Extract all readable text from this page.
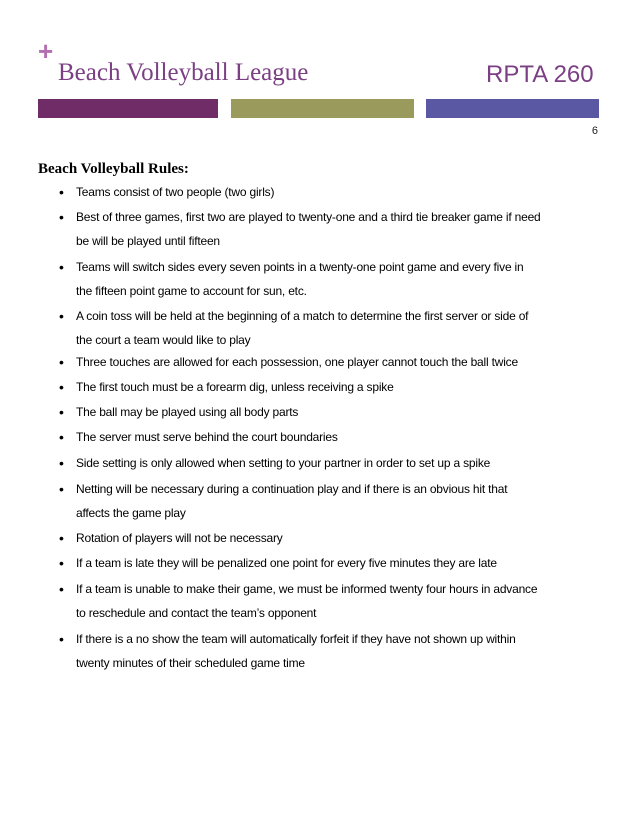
+
Beach Volleyball League	RPTA 260
6
Beach Volleyball Rules:
• Teams consist of two people (two girls)
• Best of three games, first two are played to twenty-one and a third tie breaker game if need
be will be played until fifteen
• Teams will switch sides every seven points in a twenty-one point game and every five in
the fifteen point game to account for sun, etc.
• A coin toss will be held at the beginning of a match to determine the first server or side of
the court a team would like to play
• Three touches are allowed for each possession, one player cannot touch the ball twice
• The first touch must be a forearm dig, unless receiving a spike
• The ball may be played using all body parts
• The server must serve behind the court boundaries
• Side setting is only allowed when setting to your partner in order to set up a spike
• Netting will be necessary during a continuation play and if there is an obvious hit that
affects the game play
• Rotation of players will not be necessary
• If a team is late they will be penalized one point for every five minutes they are late
• If a team is unable to make their game, we must be informed twenty four hours in advance
to reschedule and contact the team’s opponent
• If there is a no show the team will automatically forfeit if they have not shown up within
twenty minutes of their scheduled game time
